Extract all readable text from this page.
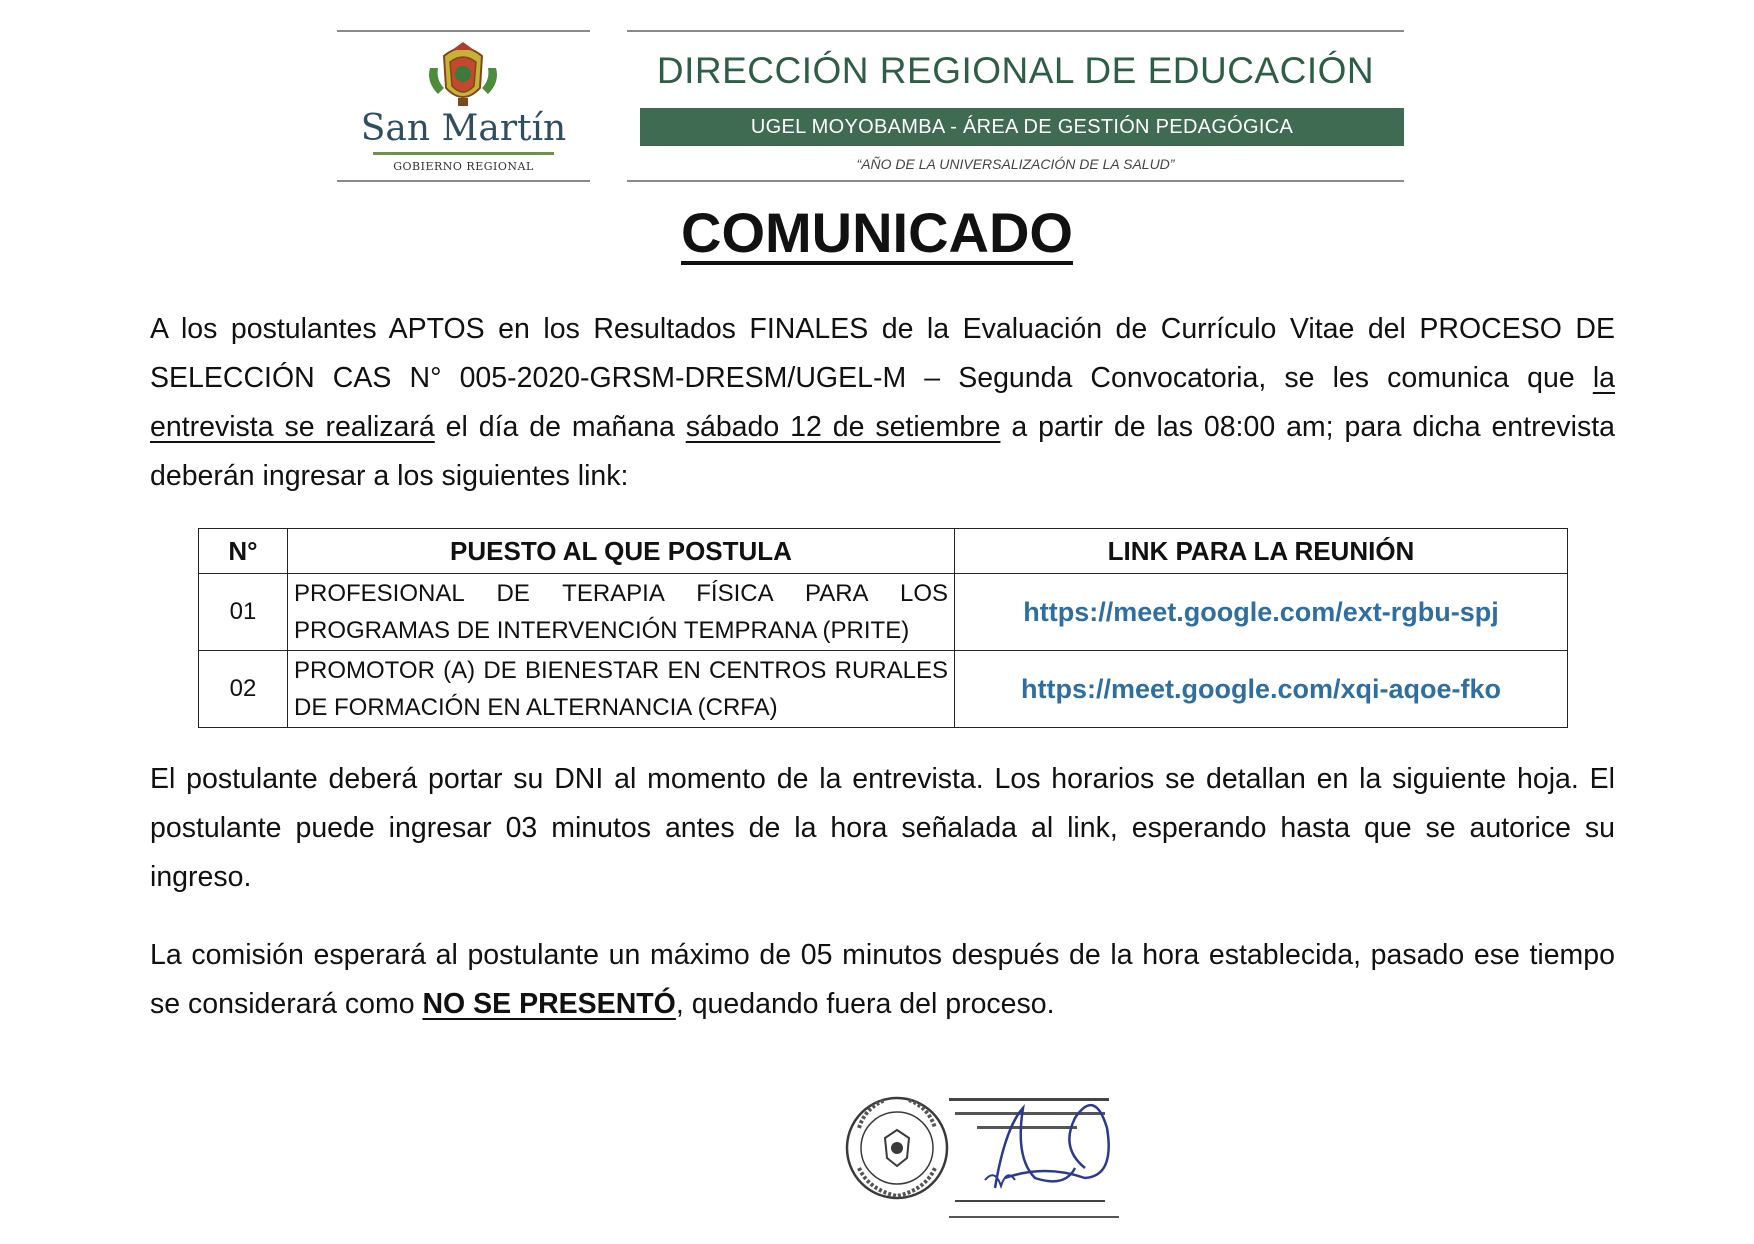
San Martín
GOBIERNO REGIONAL
DIRECCIÓN REGIONAL DE EDUCACIÓN
UGEL MOYOBAMBA - ÁREA DE GESTIÓN PEDAGÓGICA
“AÑO DE LA UNIVERSALIZACIÓN DE LA SALUD”
COMUNICADO
A los postulantes APTOS en los Resultados FINALES de la Evaluación de Currículo Vitae del PROCESO DE SELECCIÓN CAS N° 005-2020-GRSM-DRESM/UGEL-M – Segunda Convocatoria, se les comunica que la entrevista se realizará el día de mañana sábado 12 de setiembre a partir de las 08:00 am; para dicha entrevista deberán ingresar a los siguientes link:
N°	PUESTO AL QUE POSTULA	LINK PARA LA REUNIÓN
01	PROFESIONAL DE TERAPIA FÍSICA PARA LOS PROGRAMAS DE INTERVENCIÓN TEMPRANA (PRITE)	https://meet.google.com/ext-rgbu-spj
02	PROMOTOR (A) DE BIENESTAR EN CENTROS RURALES DE FORMACIÓN EN ALTERNANCIA (CRFA)	https://meet.google.com/xqi-aqoe-fko
El postulante deberá portar su DNI al momento de la entrevista. Los horarios se detallan en la siguiente hoja. El postulante puede ingresar 03 minutos antes de la hora señalada al link, esperando hasta que se autorice su ingreso.
La comisión esperará al postulante un máximo de 05 minutos después de la hora establecida, pasado ese tiempo se considerará como NO SE PRESENTÓ, quedando fuera del proceso.
